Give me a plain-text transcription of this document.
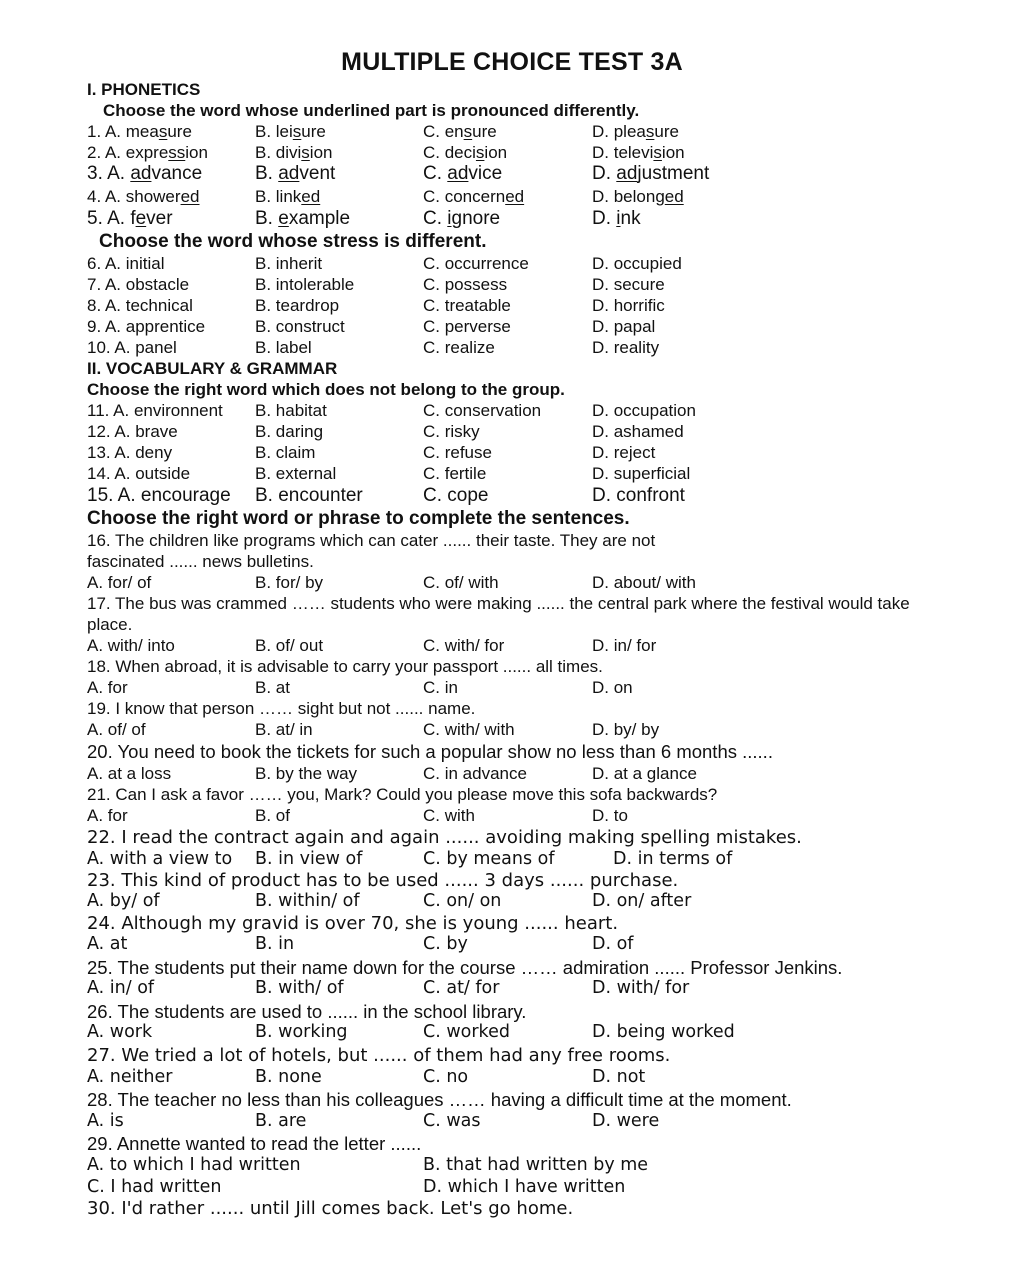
MULTIPLE CHOICE TEST 3A
I. PHONETICS
Choose the word whose underlined part is pronounced differently.
1. A. measure	B. leisure	C. ensure	D. pleasure
2. A. expression	B. division	C. decision	D. television
3. A. advance	B. advent	C. advice	D. adjustment
4. A. showered	B. linked	C. concerned	D. belonged
5. A. fever	B. example	C. ignore	D. ink
Choose the word whose stress is different.
6. A. initial	B. inherit	C. occurrence	D. occupied
7. A. obstacle	B. intolerable	C. possess	D. secure
8. A. technical	B. teardrop	C. treatable	D. horrific
9. A. apprentice	B. construct	C. perverse	D. papal
10. A. panel	B. label	C. realize	D. reality
II. VOCABULARY & GRAMMAR
Choose the right word which does not belong to the group.
11. A. environnent B. habitat	C. conservation	D. occupation
12. A. brave	B. daring	C. risky	D. ashamed
13. A. deny	B. claim	C. refuse	D. reject
14. A. outside	B. external	C. fertile	D. superficial
15. A. encourage B. encounter	C. cope	D. confront
Choose the right word or phrase to complete the sentences.
16. The children like programs which can cater ...... their taste. They are not fascinated ...... news bulletins.
A. for/ of	B. for/ by	C. of/ with	D. about/ with
17. The bus was crammed …… students who were making ...... the central park where the festival would take place.
A. with/ into	B. of/ out	C. with/ for	D. in/ for
18. When abroad, it is advisable to carry your passport ...... all times.
A. for	B. at	C. in	D. on
19. I know that person …… sight but not ...... name.
A. of/ of	B. at/ in	C. with/ with	D. by/ by
20. You need to book the tickets for such a popular show no less than 6 months ......
A. at a loss	B. by the way	C. in advance	D. at a glance
21. Can I ask a favor …… you, Mark? Could you please move this sofa backwards?
A. for	B. of	C. with	D. to
22. I read the contract again and again ...... avoiding making spelling mistakes.
A. with a view to B. in view of	C. by means of	D. in terms of
23. This kind of product has to be used ...... 3 days ...... purchase.
A. by/ of	B. within/ of	C. on/ on	D. on/ after
24. Although my gravid is over 70, she is young ...... heart.
A. at	B. in	C. by	D. of
25. The students put their name down for the course …… admiration ...... Professor Jenkins.
A. in/ of	B. with/ of	C. at/ for	D. with/ for
26. The students are used to ...... in the school library.
A. work	B. working	C. worked	D. being worked
27. We tried a lot of hotels, but ...... of them had any free rooms.
A. neither	B. none	C. no	D. not
28. The teacher no less than his colleagues …… having a difficult time at the moment.
A. is	B. are	C. was	D. were
29. Annette wanted to read the letter ......
A. to which I had written	B. that had written by me
C. I had written	D. which I have written
30. I'd rather ...... until Jill comes back. Let's go home.
